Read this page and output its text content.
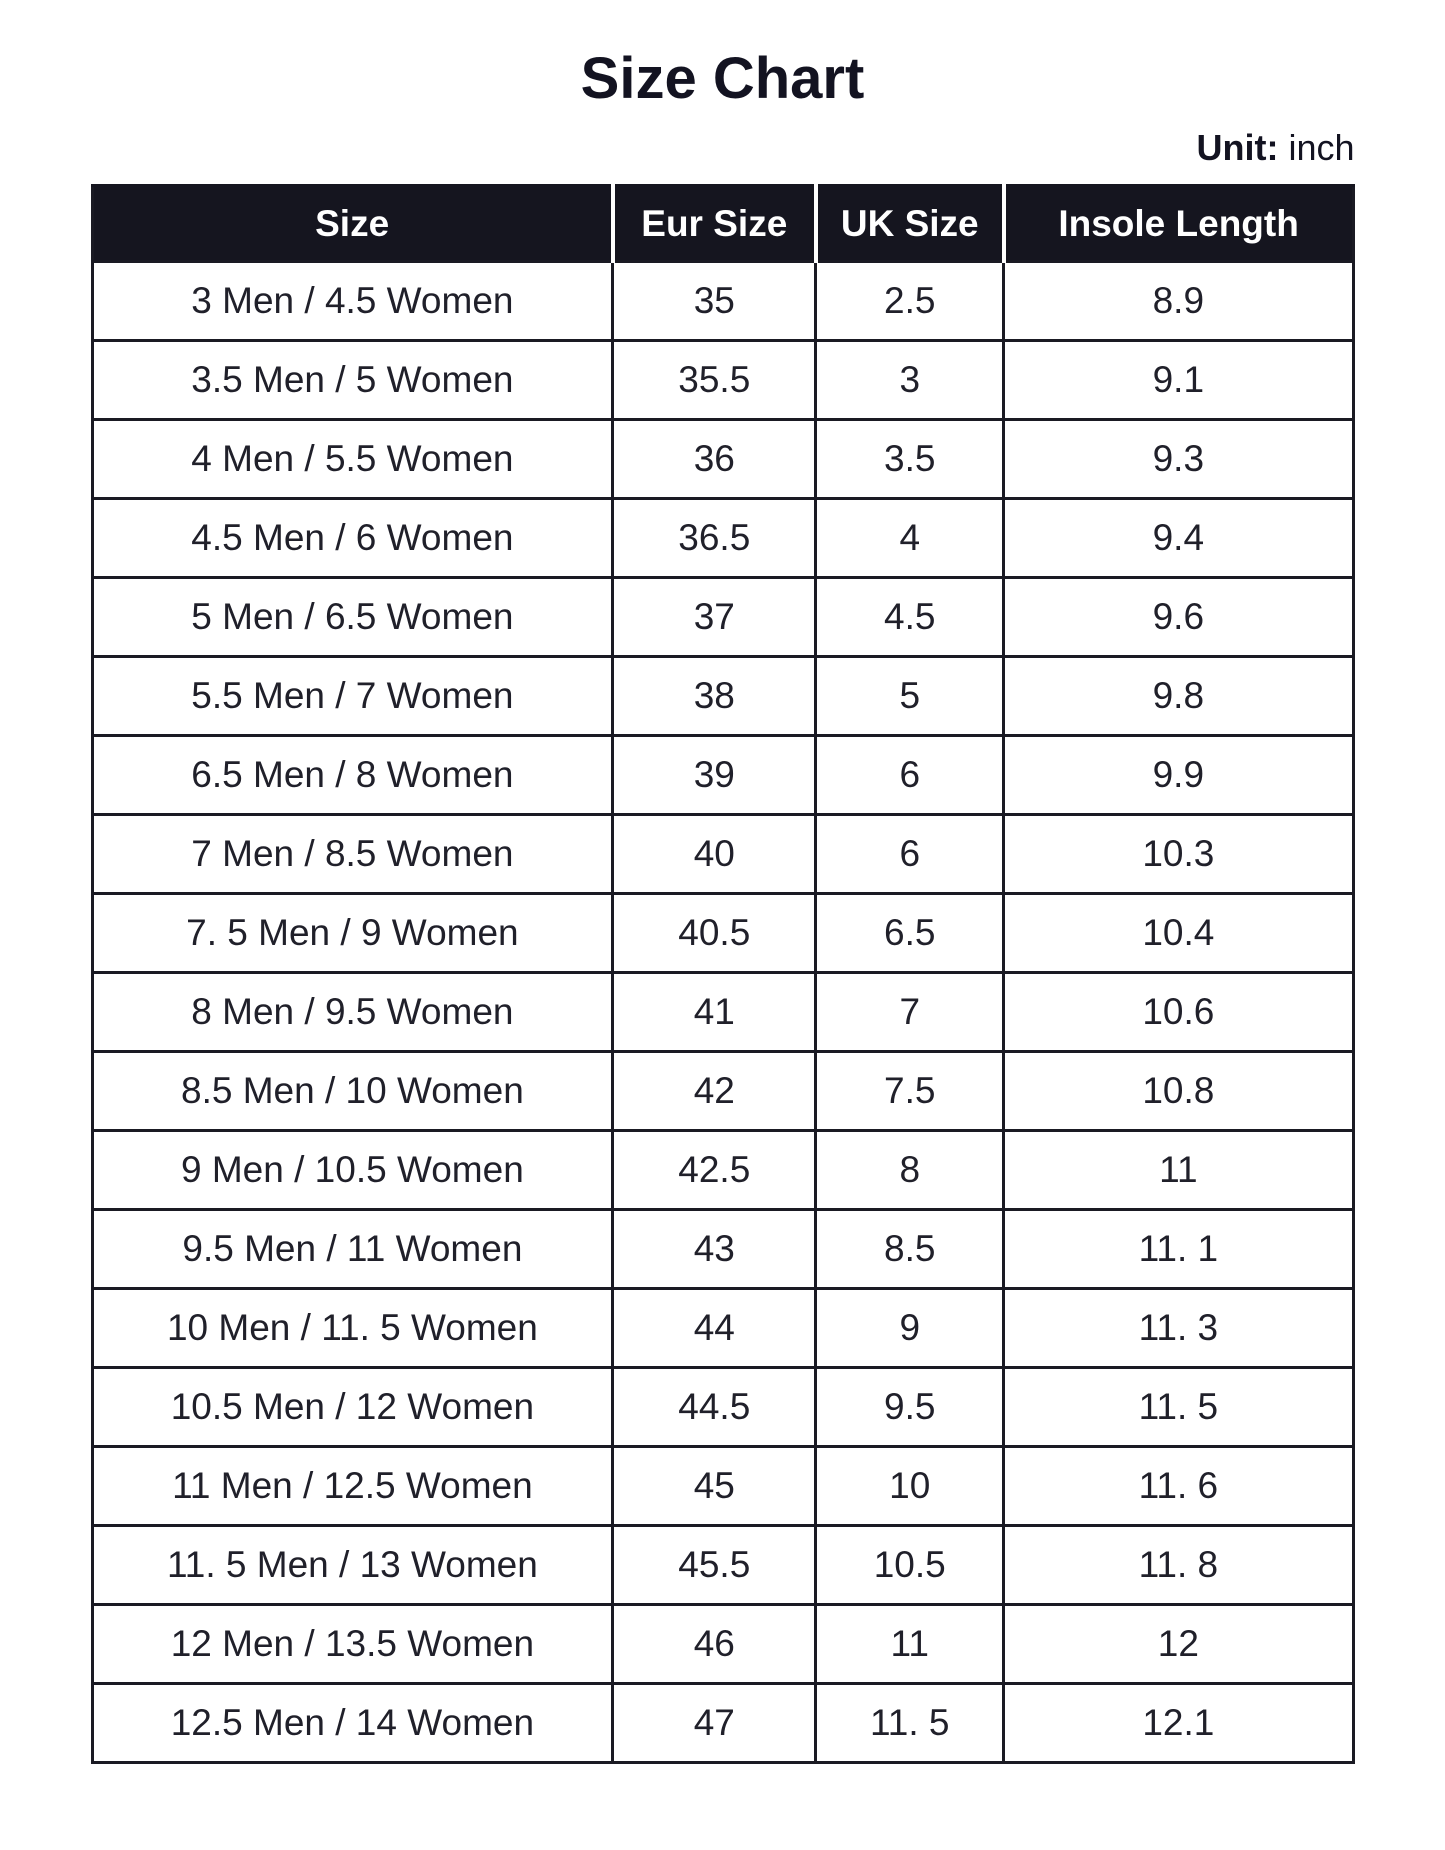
Size Chart
Unit: inch
Size	Eur Size	UK Size	Insole Length
3 Men / 4.5 Women	35	2.5	8.9
3.5 Men / 5 Women	35.5	3	9.1
4 Men / 5.5 Women	36	3.5	9.3
4.5 Men / 6 Women	36.5	4	9.4
5 Men / 6.5 Women	37	4.5	9.6
5.5 Men / 7 Women	38	5	9.8
6.5 Men / 8 Women	39	6	9.9
7 Men / 8.5 Women	40	6	10.3
7. 5 Men / 9 Women	40.5	6.5	10.4
8 Men / 9.5 Women	41	7	10.6
8.5 Men / 10 Women	42	7.5	10.8
9 Men / 10.5 Women	42.5	8	11
9.5 Men / 11 Women	43	8.5	11. 1
10 Men / 11. 5 Women	44	9	11. 3
10.5 Men / 12 Women	44.5	9.5	11. 5
11 Men / 12.5 Women	45	10	11. 6
11. 5 Men / 13 Women	45.5	10.5	11. 8
12 Men / 13.5 Women	46	11	12
12.5 Men / 14 Women	47	11. 5	12.1
